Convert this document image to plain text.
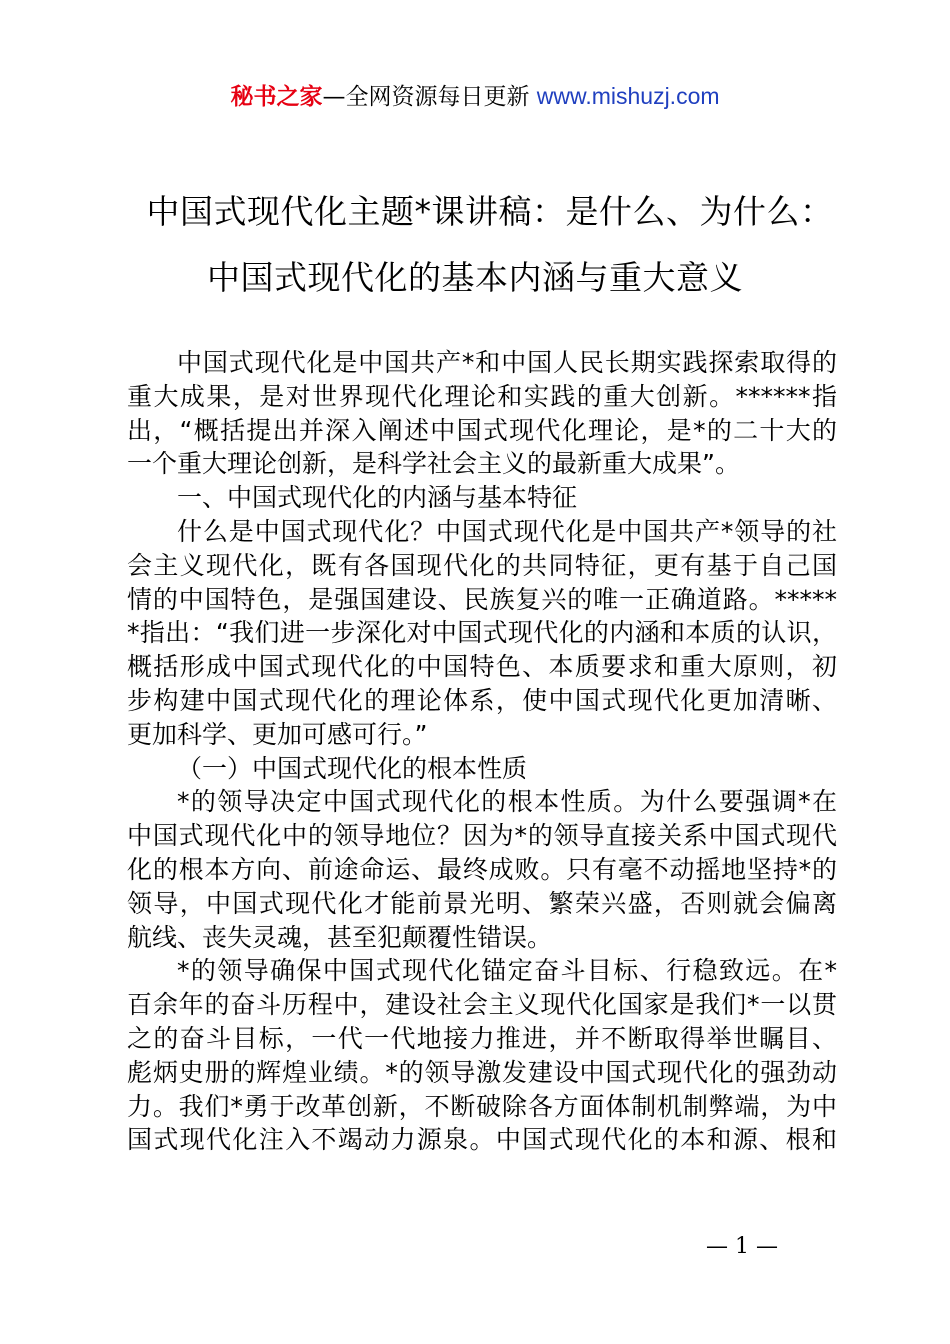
秘书之家—全网资源每日更新 www.mishuzj.com
中国式现代化主题*课讲稿：是什么、为什么：
中国式现代化的基本内涵与重大意义
中国式现代化是中国共产*和中国人民长期实践探索取得的
重大成果，是对世界现代化理论和实践的重大创新。******指
出，“概括提出并深入阐述中国式现代化理论，是*的二十大的
一个重大理论创新，是科学社会主义的最新重大成果”。
一、中国式现代化的内涵与基本特征
什么是中国式现代化？中国式现代化是中国共产*领导的社
会主义现代化，既有各国现代化的共同特征，更有基于自己国
情的中国特色，是强国建设、民族复兴的唯一正确道路。*****
*指出：“我们进一步深化对中国式现代化的内涵和本质的认识，
概括形成中国式现代化的中国特色、本质要求和重大原则，初
步构建中国式现代化的理论体系，使中国式现代化更加清晰、
更加科学、更加可感可行。”
（一）中国式现代化的根本性质
*的领导决定中国式现代化的根本性质。为什么要强调*在
中国式现代化中的领导地位？因为*的领导直接关系中国式现代
化的根本方向、前途命运、最终成败。只有毫不动摇地坚持*的
领导，中国式现代化才能前景光明、繁荣兴盛，否则就会偏离
航线、丧失灵魂，甚至犯颠覆性错误。
*的领导确保中国式现代化锚定奋斗目标、行稳致远。在*
百余年的奋斗历程中，建设社会主义现代化国家是我们*一以贯
之的奋斗目标，一代一代地接力推进，并不断取得举世瞩目、
彪炳史册的辉煌业绩。*的领导激发建设中国式现代化的强劲动
力。我们*勇于改革创新，不断破除各方面体制机制弊端，为中
国式现代化注入不竭动力源泉。中国式现代化的本和源、根和
— 1 —
